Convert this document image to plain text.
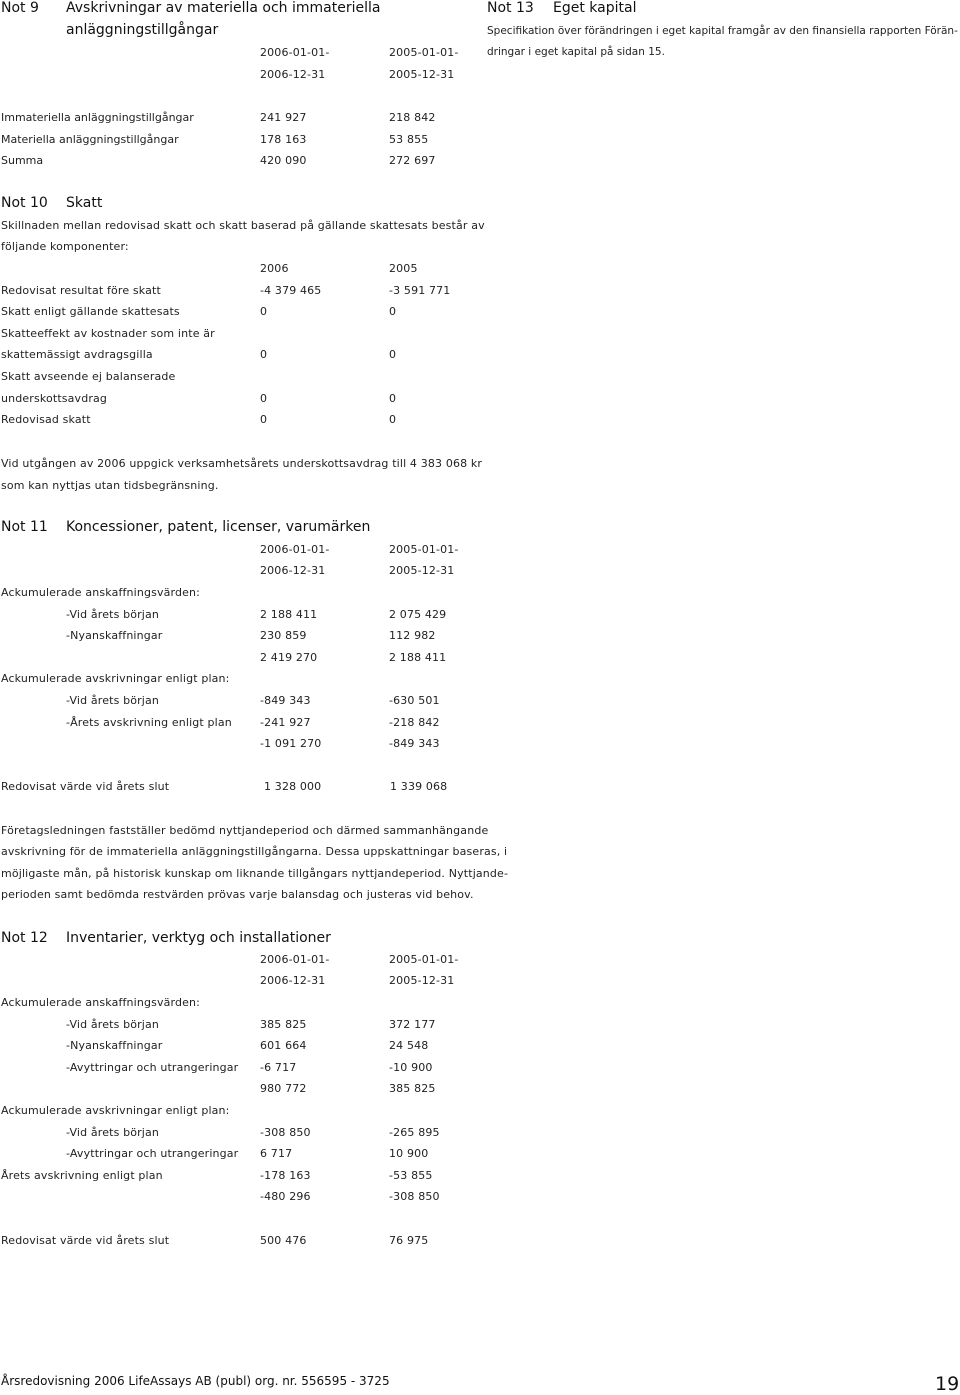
Not 9 Avskrivningar av materiella och immateriella
anläggningstillgångar
2006-01-01-	2005-01-01-
2006-12-31	2005-12-31
Immateriella anläggningstillgångar	241 927	218 842
Materiella anläggningstillgångar	178 163	53 855
Summa	420 090	272 697
Not 13 Eget kapital
Specifikation över förändringen i eget kapital framgår av den finansiella rapporten Förän-
dringar i eget kapital på sidan 15.
Not 10 Skatt
Skillnaden mellan redovisad skatt och skatt baserad på gällande skattesats består av
följande komponenter:
2006	2005
Redovisat resultat före skatt	-4 379 465	-3 591 771
Skatt enligt gällande skattesats	0	0
Skatteeffekt av kostnader som inte är
skattemässigt avdragsgilla	0	0
Skatt avseende ej balanserade
underskottsavdrag	0	0
Redovisad skatt	0	0
Vid utgången av 2006 uppgick verksamhetsårets underskottsavdrag till 4 383 068 kr
som kan nyttjas utan tidsbegränsning.
Not 11 Koncessioner, patent, licenser, varumärken
2006-01-01-	2005-01-01-
2006-12-31	2005-12-31
Ackumulerade anskaffningsvärden:
-Vid årets början	2 188 411	2 075 429
-Nyanskaffningar	230 859	112 982
2 419 270	2 188 411
Ackumulerade avskrivningar enligt plan:
-Vid årets början	-849 343	-630 501
-Årets avskrivning enligt plan	-241 927	-218 842
-1 091 270	-849 343
Redovisat värde vid årets slut	1 328 000	1 339 068
Företagsledningen fastställer bedömd nyttjandeperiod och därmed sammanhängande
avskrivning för de immateriella anläggningstillgångarna. Dessa uppskattningar baseras, i
möjligaste mån, på historisk kunskap om liknande tillgångars nyttjandeperiod. Nyttjande-
perioden samt bedömda restvärden prövas varje balansdag och justeras vid behov.
Not 12 Inventarier, verktyg och installationer
2006-01-01-	2005-01-01-
2006-12-31	2005-12-31
Ackumulerade anskaffningsvärden:
-Vid årets början	385 825	372 177
-Nyanskaffningar	601 664	24 548
-Avyttringar och utrangeringar -6 717	-10 900
980 772	385 825
Ackumulerade avskrivningar enligt plan:
-Vid årets början	-308 850	-265 895
-Avyttringar och utrangeringar 6 717	10 900
Årets avskrivning enligt plan	-178 163	-53 855
-480 296	-308 850
Redovisat värde vid årets slut	500 476	76 975
Årsredovisning 2006 LifeAssays AB (publ) org. nr. 556595 - 3725	19
